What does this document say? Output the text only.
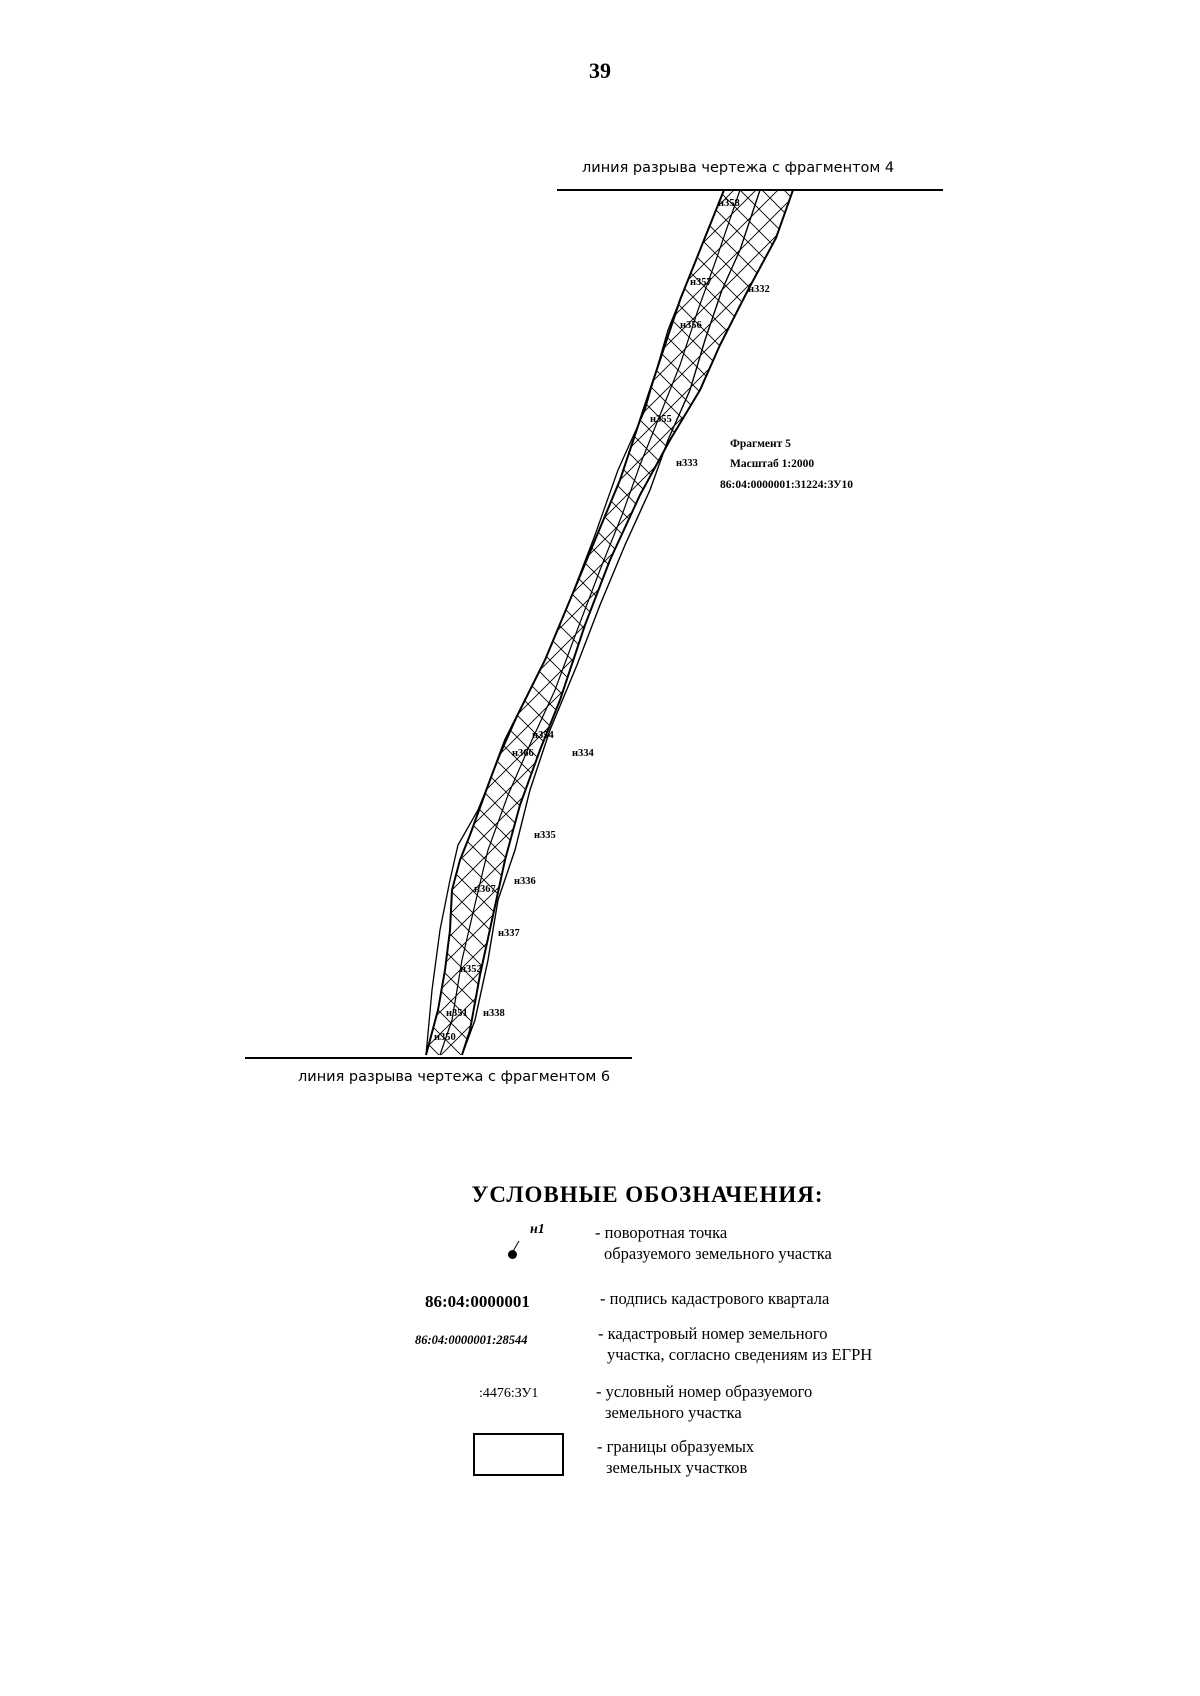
39
линия разрыва чертежа с фрагментом 4
н358
н357
н332
н356
н355
н333
н354
н366	н334
н335
н336
н367
н337
н352
н351 н338
н350
Фрагмент 5
Масштаб 1:2000
86:04:0000001:31224:ЗУ10
линия разрыва чертежа с фрагментом 6
УСЛОВНЫЕ ОБОЗНАЧЕНИЯ:
н1	- поворотная точка
образуемого земельного участка
86:04:0000001	- подпись кадастрового квартала
86:04:0000001:28544	- кадастровый номер земельного
участка, согласно сведениям из ЕГРН
:4476:ЗУ1	- условный номер образуемого
земельного участка
- границы образуемых
земельных участков
